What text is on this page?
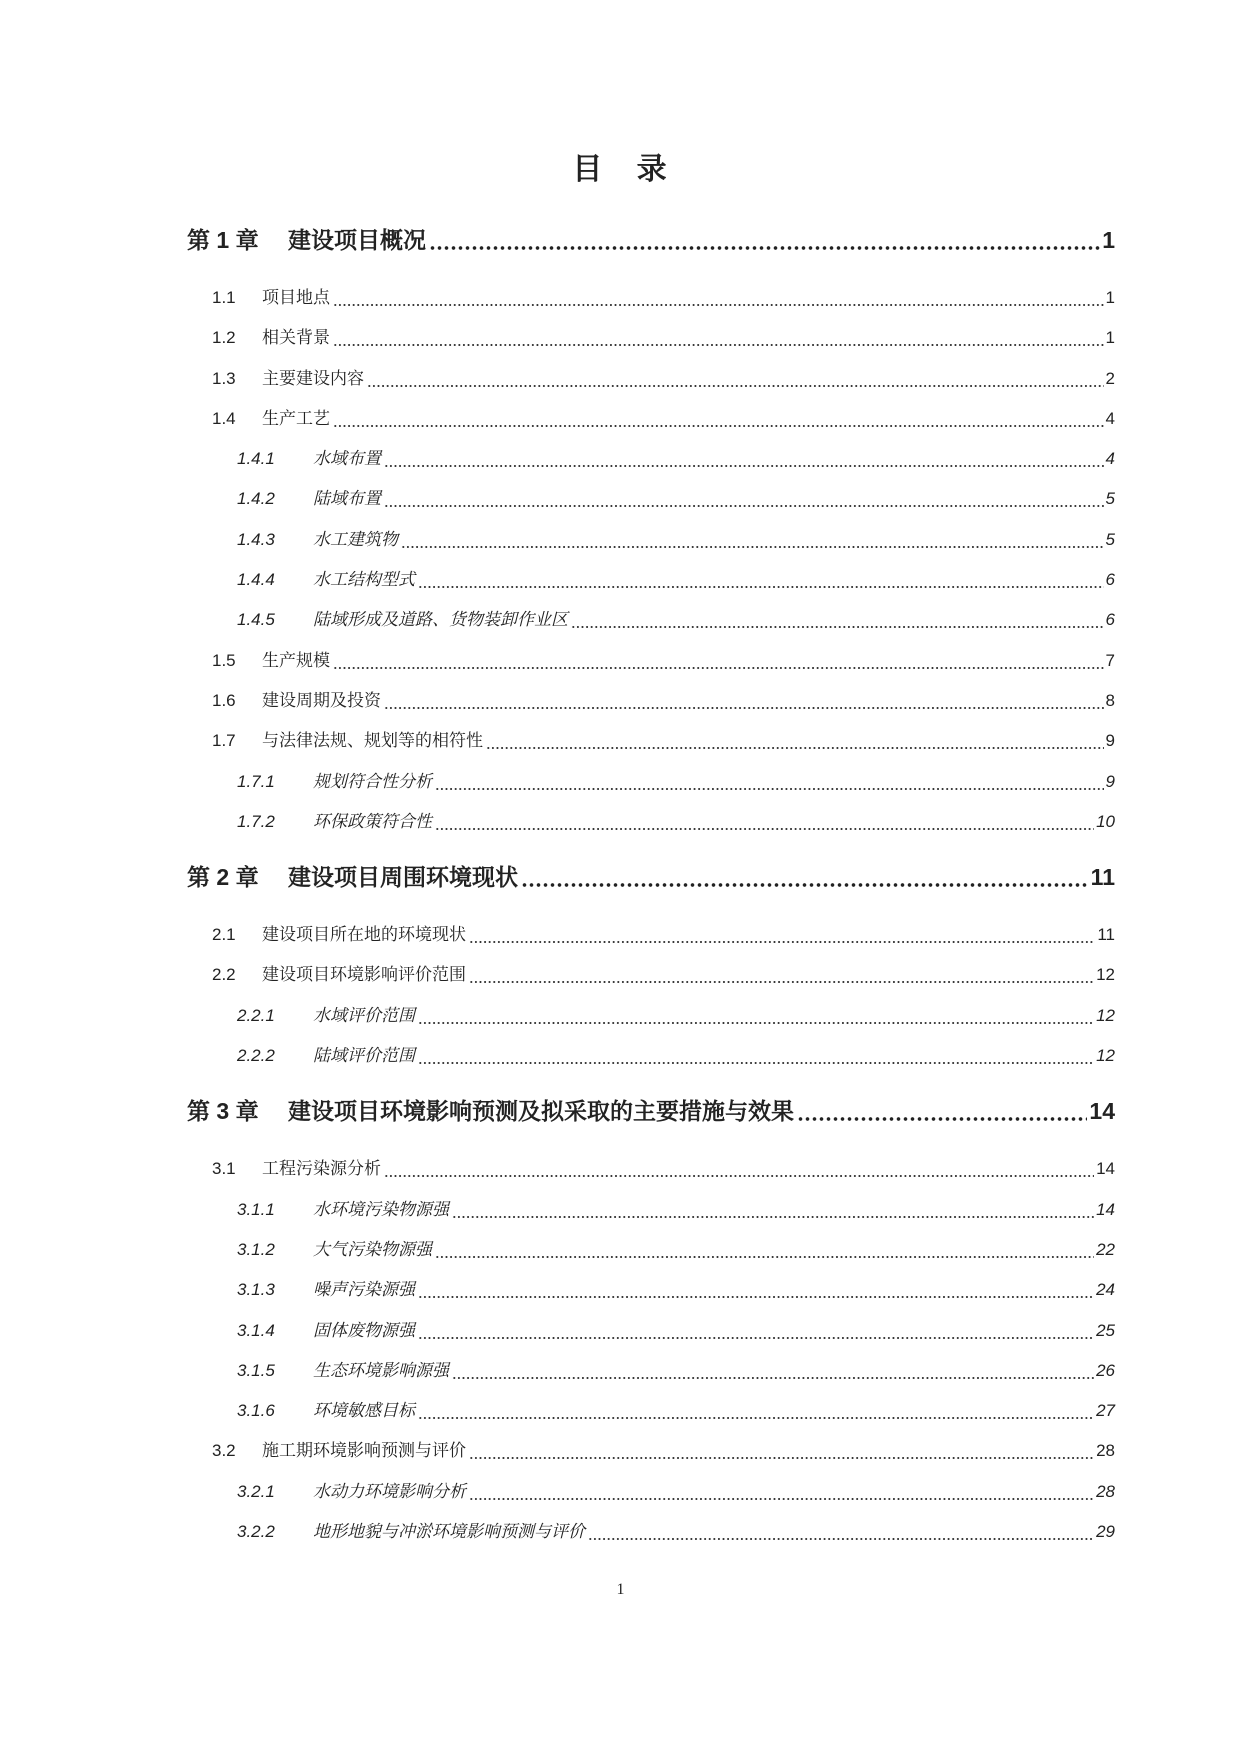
目 录
第 1 章	建设项目概况	1
1.1	项目地点	1
1.2	相关背景	1
1.3	主要建设内容	2
1.4	生产工艺	4
1.4.1	水域布置	4
1.4.2	陆域布置	5
1.4.3	水工建筑物	5
1.4.4	水工结构型式	6
1.4.5	陆域形成及道路、货物装卸作业区	6
1.5	生产规模	7
1.6	建设周期及投资	8
1.7	与法律法规、规划等的相符性	9
1.7.1	规划符合性分析	9
1.7.2	环保政策符合性	10
第 2 章	建设项目周围环境现状	11
2.1	建设项目所在地的环境现状	11
2.2	建设项目环境影响评价范围	12
2.2.1	水域评价范围	12
2.2.2	陆域评价范围	12
第 3 章	建设项目环境影响预测及拟采取的主要措施与效果	14
3.1	工程污染源分析	14
3.1.1	水环境污染物源强	14
3.1.2	大气污染物源强	22
3.1.3	噪声污染源强	24
3.1.4	固体废物源强	25
3.1.5	生态环境影响源强	26
3.1.6	环境敏感目标	27
3.2	施工期环境影响预测与评价	28
3.2.1	水动力环境影响分析	28
3.2.2	地形地貌与冲淤环境影响预测与评价	29
1
